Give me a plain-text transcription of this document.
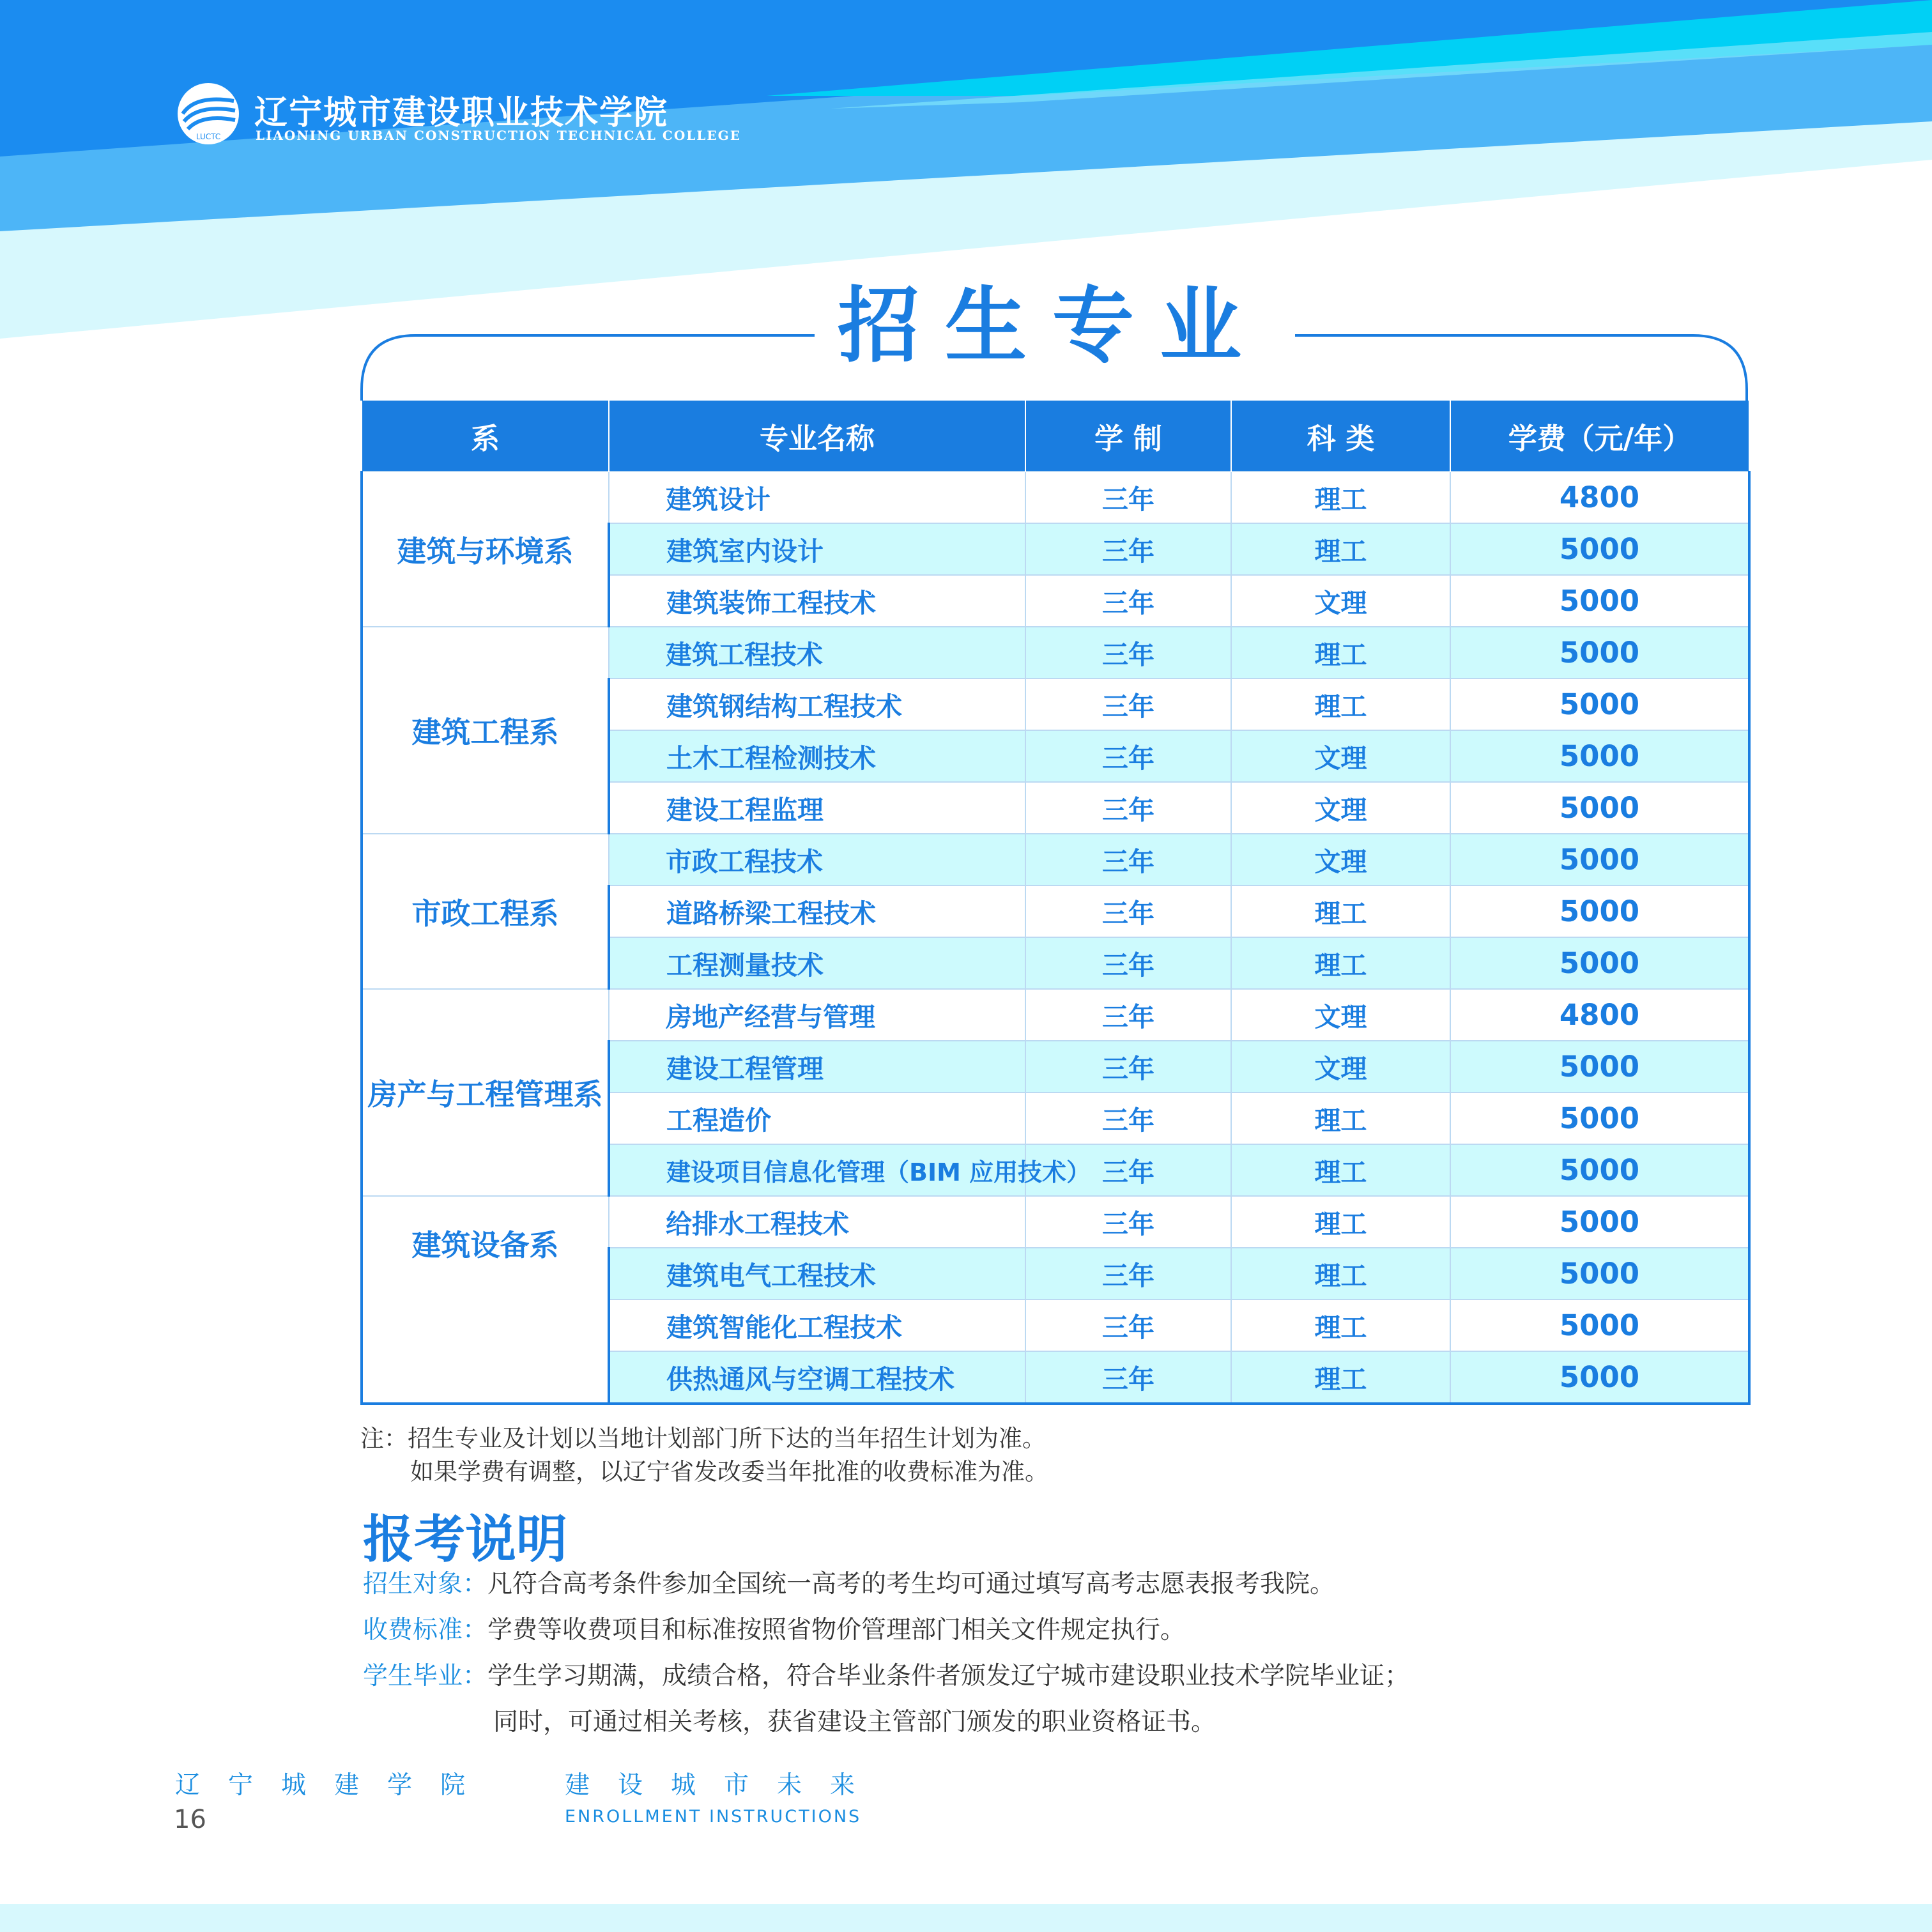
LUCTC
辽宁城市建设职业技术学院
LIAONING URBAN CONSTRUCTION TECHNICAL COLLEGE
招生专业
系	专业名称	学 制	科 类	学费（元/年）
建筑与环境系	建筑设计	三年	理工	4800
	建筑室内设计	三年	理工	5000
	建筑装饰工程技术	三年	文理	5000
建筑工程系	建筑工程技术	三年	理工	5000
	建筑钢结构工程技术	三年	理工	5000
	土木工程检测技术	三年	文理	5000
	建设工程监理	三年	文理	5000
市政工程系	市政工程技术	三年	文理	5000
	道路桥梁工程技术	三年	理工	5000
	工程测量技术	三年	理工	5000
房产与工程管理系	房地产经营与管理	三年	文理	4800
	建设工程管理	三年	文理	5000
	工程造价	三年	理工	5000
	建设项目信息化管理（BIM 应用技术）	三年	理工	5000
建筑设备系	给排水工程技术	三年	理工	5000
	建筑电气工程技术	三年	理工	5000
	建筑智能化工程技术	三年	理工	5000
	供热通风与空调工程技术	三年	理工	5000
注：招生专业及计划以当地计划部门所下达的当年招生计划为准。
如果学费有调整，以辽宁省发改委当年批准的收费标准为准。
报考说明
招生对象：凡符合高考条件参加全国统一高考的考生均可通过填写高考志愿表报考我院。
收费标准：学费等收费项目和标准按照省物价管理部门相关文件规定执行。
学生毕业：学生学习期满，成绩合格，符合毕业条件者颁发辽宁城市建设职业技术学院毕业证；
同时，可通过相关考核，获省建设主管部门颁发的职业资格证书。
辽宁城建学院	建设城市未来
ENROLLMENT INSTRUCTIONS
16
